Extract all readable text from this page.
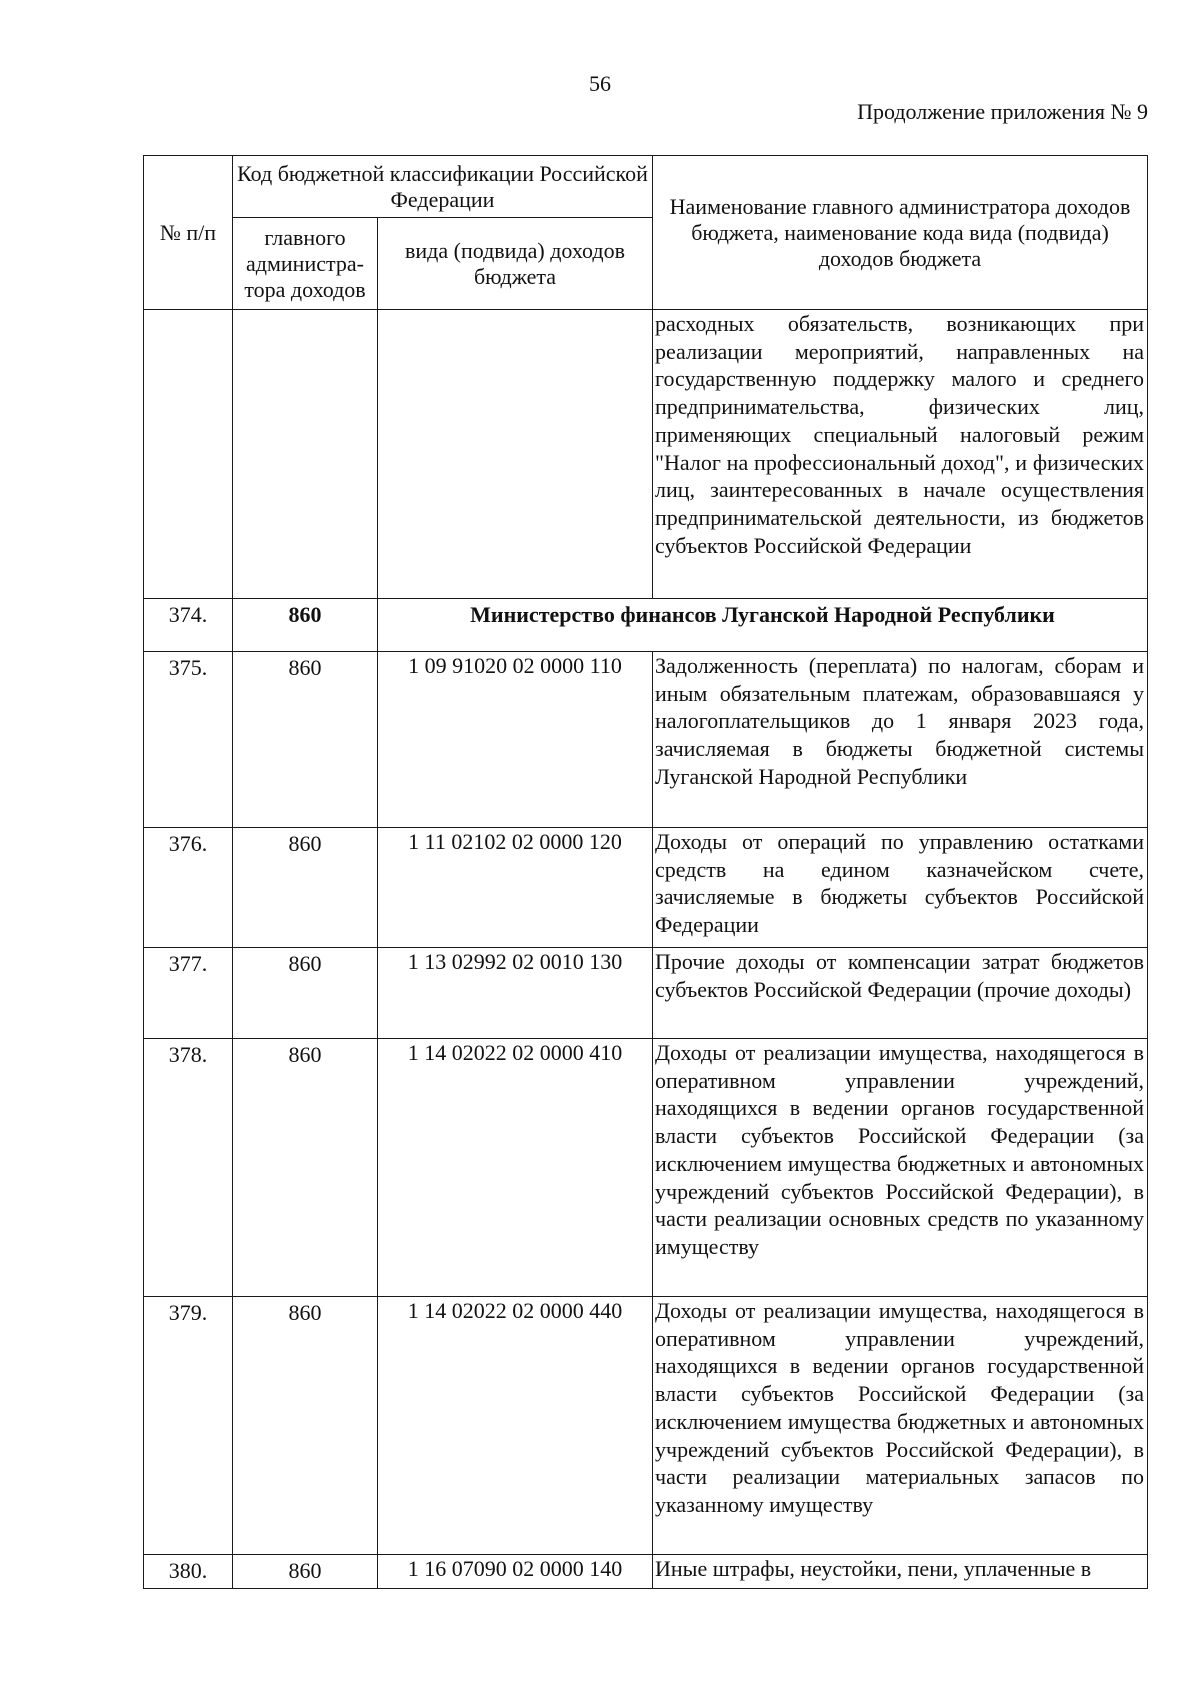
56
Продолжение приложения № 9
№ п/п	Код бюджетной классификации Российской Федерации		Наименование главного администратора доходов бюджета, наименование кода вида (подвида) доходов бюджета
	главного администра-тора доходов	вида (подвида) доходов бюджета	
			расходных обязательств, возникающих при реализации мероприятий, направленных на государственную поддержку малого и среднего предпринимательства, физических лиц, применяющих специальный налоговый режим "Налог на профессиональный доход", и физических лиц, заинтересованных в начале осуществления предпринимательской деятельности, из бюджетов субъектов Российской Федерации
374.	860	Министерство финансов Луганской Народной Республики	
375.	860	1 09 91020 02 0000 110	Задолженность (переплата) по налогам, сборам и иным обязательным платежам, образовавшаяся у налогоплательщиков до 1 января 2023 года, зачисляемая в бюджеты бюджетной системы Луганской Народной Республики
376.	860	1 11 02102 02 0000 120	Доходы от операций по управлению остатками средств на едином казначейском счете, зачисляемые в бюджеты субъектов Российской Федерации
377.	860	1 13 02992 02 0010 130	Прочие доходы от компенсации затрат бюджетов субъектов Российской Федерации (прочие доходы)
378.	860	1 14 02022 02 0000 410	Доходы от реализации имущества, находящегося в оперативном управлении учреждений, находящихся в ведении органов государственной власти субъектов Российской Федерации (за исключением имущества бюджетных и автономных учреждений субъектов Российской Федерации), в части реализации основных средств по указанному имуществу
379.	860	1 14 02022 02 0000 440	Доходы от реализации имущества, находящегося в оперативном управлении учреждений, находящихся в ведении органов государственной власти субъектов Российской Федерации (за исключением имущества бюджетных и автономных учреждений субъектов Российской Федерации), в части реализации материальных запасов по указанному имуществу
380.	860	1 16 07090 02 0000 140	Иные штрафы, неустойки, пени, уплаченные в
